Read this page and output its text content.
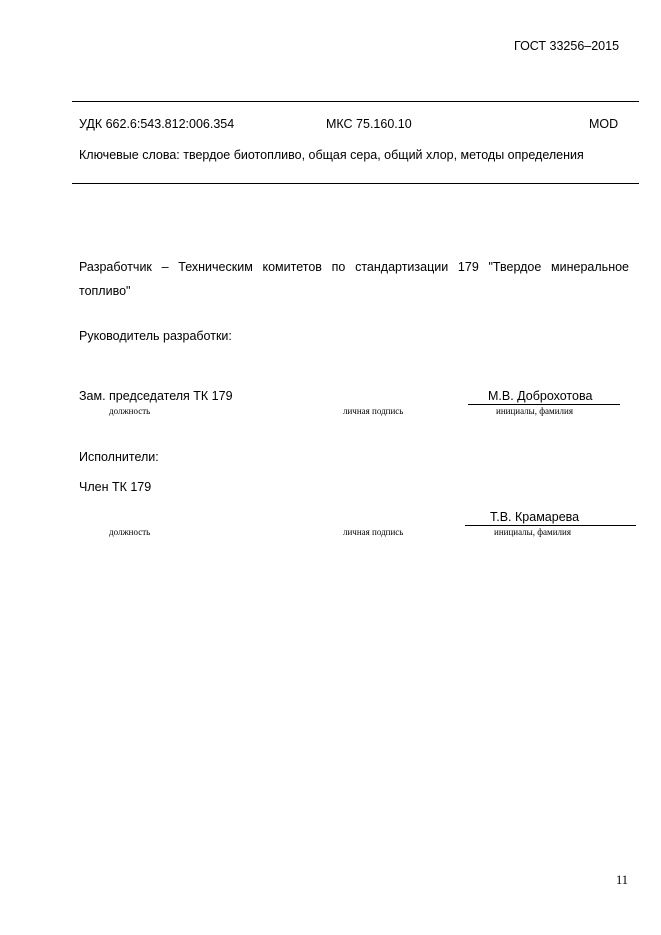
ГОСТ 33256–2015
УДК 662.6:543.812:006.354	МКС 75.160.10	MOD
Ключевые слова: твердое биотопливо, общая сера, общий хлор, методы определения
Разработчик – Техническим комитетов по стандартизации 179 "Твердое минеральное топливо"
Руководитель разработки:
Зам. председателя ТК 179	М.В. Доброхотова
должность	личная подпись	инициалы, фамилия
Исполнители:
Член ТК 179
Т.В. Крамарева
должность	личная подпись	инициалы, фамилия
11
